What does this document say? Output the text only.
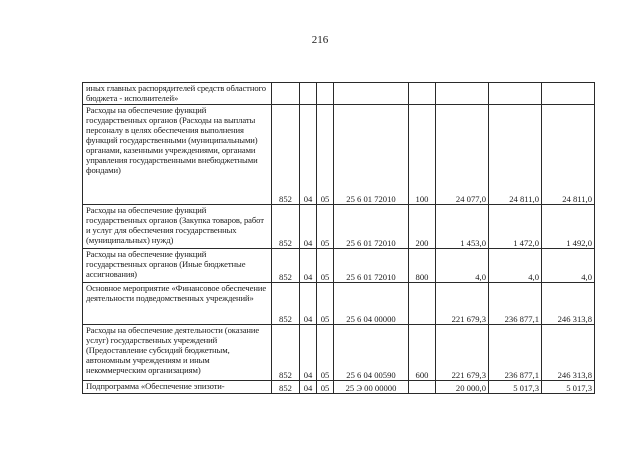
216
иных главных распорядителей средств областного бюджета - исполнителей»								
Расходы на обеспечение функций государственных органов (Расходы на выплаты персоналу в целях обеспечения выполнения функций государственными (муниципальными) органами, казенными учреждениями, органами управления государственными внебюджетными фондами)	852	04	05	25 6 01 72010	100	24 077,0	24 811,0	24 811,0
Расходы на обеспечение функций государственных органов (Закупка товаров, работ и услуг для обеспечения государственных (муниципальных) нужд)	852	04	05	25 6 01 72010	200	1 453,0	1 472,0	1 492,0
Расходы на обеспечение функций государственных органов (Иные бюджетные ассигнования)	852	04	05	25 6 01 72010	800	4,0	4,0	4,0
Основное мероприятие «Финансовое обеспечение деятельности подведомственных учреждений»	852	04	05	25 6 04 00000		221 679,3	236 877,1	246 313,8
Расходы на обеспечение деятельности (оказание услуг) государственных учреждений (Предоставление субсидий бюджетным, автономным учреждениям и иным некоммерческим организациям)	852	04	05	25 6 04 00590	600	221 679,3	236 877,1	246 313,8
Подпрограмма «Обеспечение эпизоти-	852	04	05	25 Э 00 00000		20 000,0	5 017,3	5 017,3
